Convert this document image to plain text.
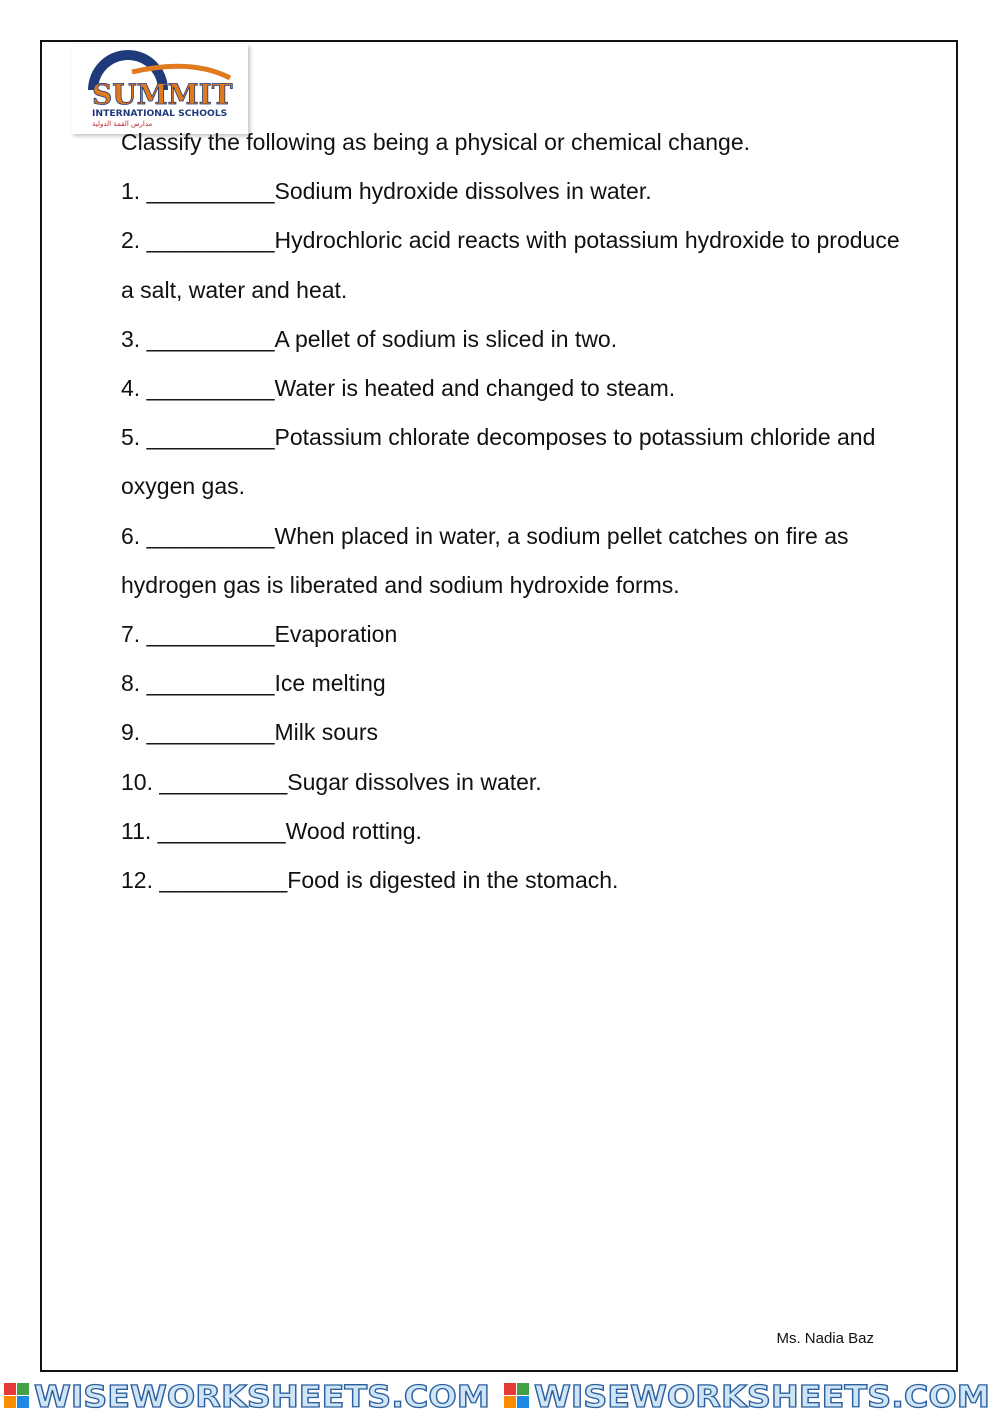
SUMMIT
INTERNATIONAL SCHOOLS
مدارس القمة الدولية

Classify the following as being a physical or chemical change.

1. __________Sodium hydroxide dissolves in water.

2. __________Hydrochloric acid reacts with potassium hydroxide to produce a salt, water and heat.

3. __________A pellet of sodium is sliced in two.

4. __________Water is heated and changed to steam.

5. __________Potassium chlorate decomposes to potassium chloride and oxygen gas.

6. __________When placed in water, a sodium pellet catches on fire as hydrogen gas is liberated and sodium hydroxide forms.

7. __________Evaporation

8. __________Ice melting

9. __________Milk sours

10. __________Sugar dissolves in water.

11. __________Wood rotting.

12. __________Food is digested in the stomach.

Ms. Nadia Baz
WISEWORKSHEETS.COM WISEWORKSHEETS.COM
